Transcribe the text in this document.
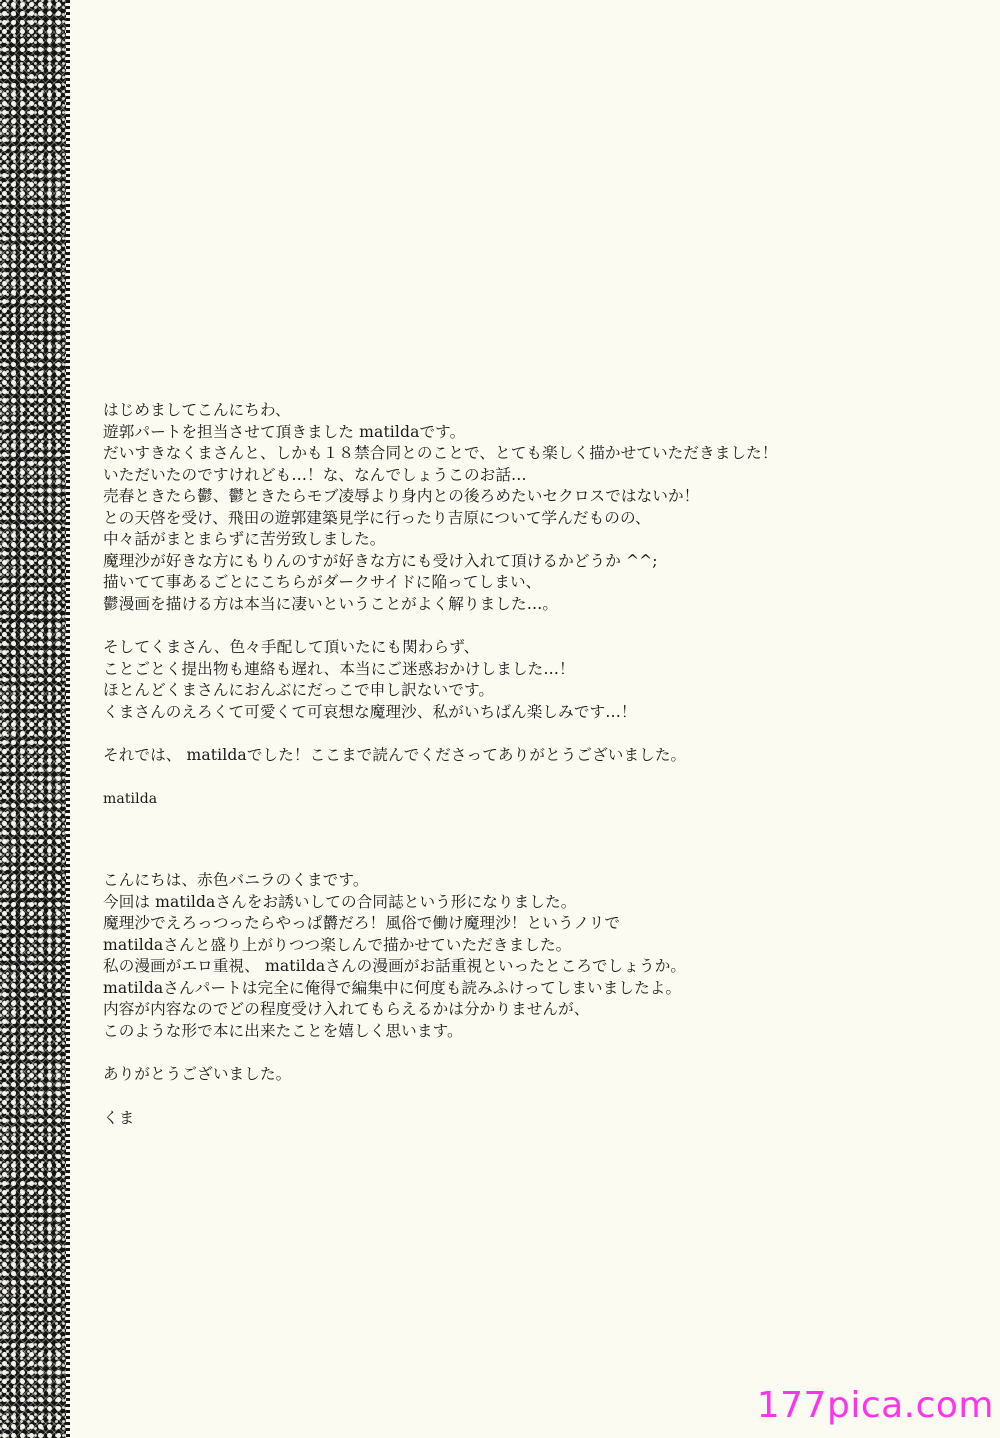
はじめましてこんにちわ、
遊郭パートを担当させて頂きました matildaです。
だいすきなくまさんと、しかも１８禁合同とのことで、とても楽しく描かせていただきました！
いただいたのですけれども…！な、なんでしょうこのお話…
売春ときたら鬱、鬱ときたらモブ凌辱より身内との後ろめたいセクロスではないか！
との天啓を受け、飛田の遊郭建築見学に行ったり吉原について学んだものの、
中々話がまとまらずに苦労致しました。
魔理沙が好きな方にもりんのすが好きな方にも受け入れて頂けるかどうか ^^;
描いてて事あるごとにこちらがダークサイドに陥ってしまい、
鬱漫画を描ける方は本当に凄いということがよく解りました…。
そしてくまさん、色々手配して頂いたにも関わらず、
ことごとく提出物も連絡も遅れ、本当にご迷惑おかけしました…！
ほとんどくまさんにおんぶにだっこで申し訳ないです。
くまさんのえろくて可愛くて可哀想な魔理沙、私がいちばん楽しみです…！
それでは、 matildaでした！ここまで読んでくださってありがとうございました。
matilda
こんにちは、赤色バニラのくまです。
今回は matildaさんをお誘いしての合同誌という形になりました。
魔理沙でえろっつったらやっぱ欝だろ！風俗で働け魔理沙！というノリで
matildaさんと盛り上がりつつ楽しんで描かせていただきました。
私の漫画がエロ重視、 matildaさんの漫画がお話重視といったところでしょうか。
matildaさんパートは完全に俺得で編集中に何度も読みふけってしまいましたよ。
内容が内容なのでどの程度受け入れてもらえるかは分かりませんが、
このような形で本に出来たことを嬉しく思います。
ありがとうございました。
くま
177pica.com
